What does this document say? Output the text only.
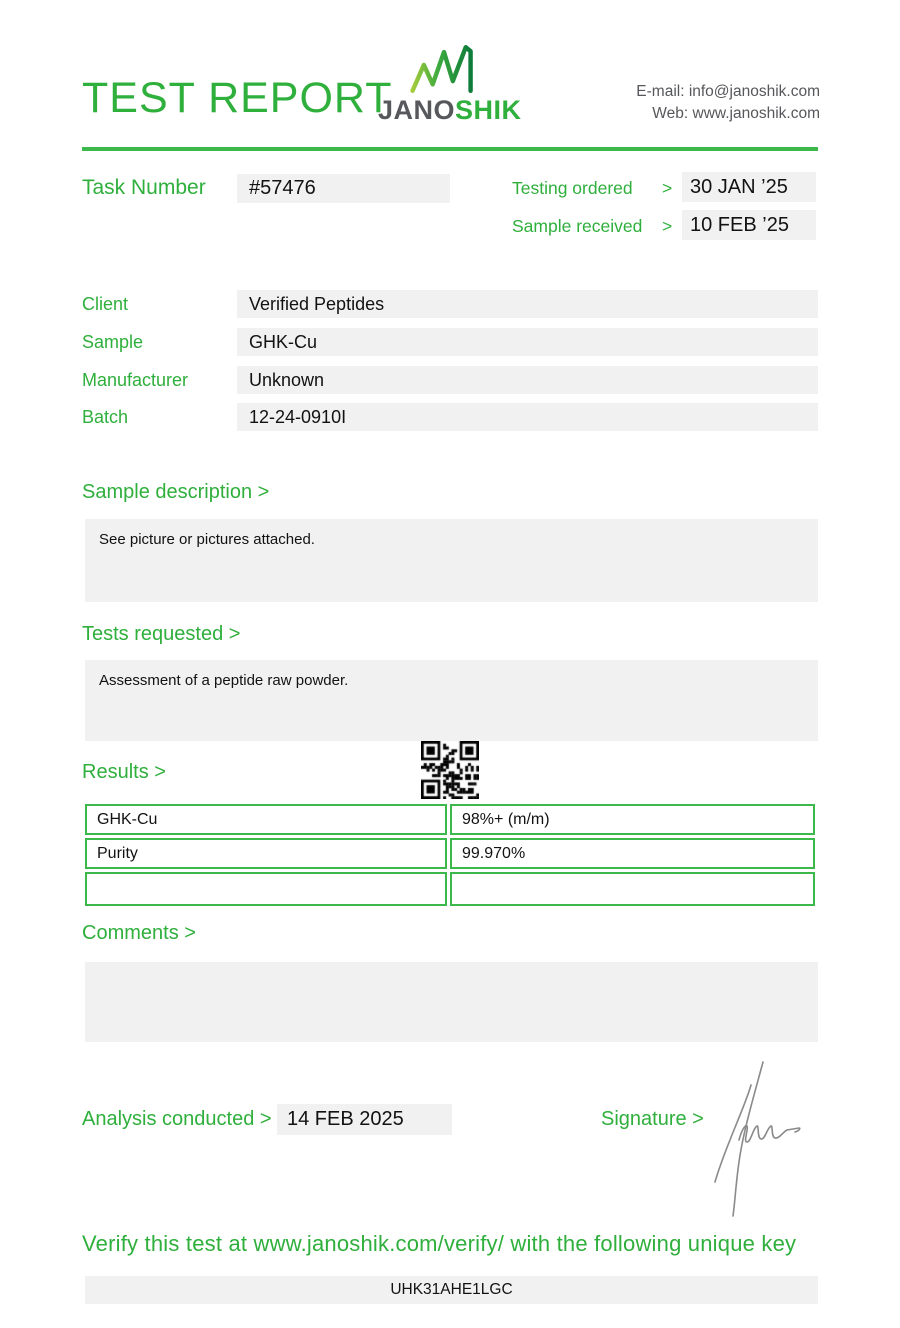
TEST REPORT
JANOSHIK
E-mail: info@janoshik.com
Web: www.janoshik.com
Task Number	#57476	Testing ordered > 30 JAN ’25
Sample received > 10 FEB ’25
Client	Verified Peptides
Sample	GHK-Cu
Manufacturer	Unknown
Batch	12-24-0910I
Sample description >
See picture or pictures attached.
Tests requested >
Assessment of a peptide raw powder.
Results >
GHK-Cu	98%+ (m/m)
Purity	99.970%
Comments >
Analysis conducted > 14 FEB 2025	Signature >
Verify this test at www.janoshik.com/verify/ with the following unique key
UHK31AHE1LGC
